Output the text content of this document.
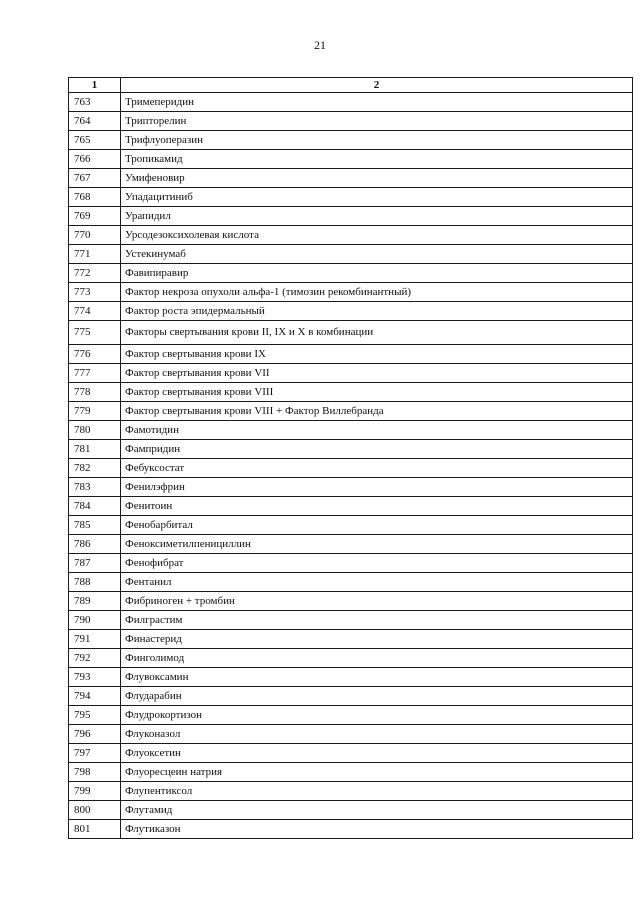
21
1	2
763	Тримеперидин
764	Трипторелин
765	Трифлуоперазин
766	Тропикамид
767	Умифеновир
768	Упадацитиниб
769	Урапидил
770	Урсодезоксихолевая кислота
771	Устекинумаб
772	Фавипиравир
773	Фактор некроза опухоли альфа-1 (тимозин рекомбинантный)
774	Фактор роста эпидермальный
775	Факторы свертывания крови II, IX и X в комбинации
776	Фактор свертывания крови IX
777	Фактор свертывания крови VII
778	Фактор свертывания крови VIII
779	Фактор свертывания крови VIII + Фактор Виллебранда
780	Фамотидин
781	Фампридин
782	Фебуксостат
783	Фенилэфрин
784	Фенитоин
785	Фенобарбитал
786	Феноксиметилпенициллин
787	Фенофибрат
788	Фентанил
789	Фибриноген + тромбин
790	Филграстим
791	Финастерид
792	Финголимод
793	Флувоксамин
794	Флударабин
795	Флудрокортизон
796	Флуконазол
797	Флуоксетин
798	Флуоресцеин натрия
799	Флупентиксол
800	Флутамид
801	Флутиказон
